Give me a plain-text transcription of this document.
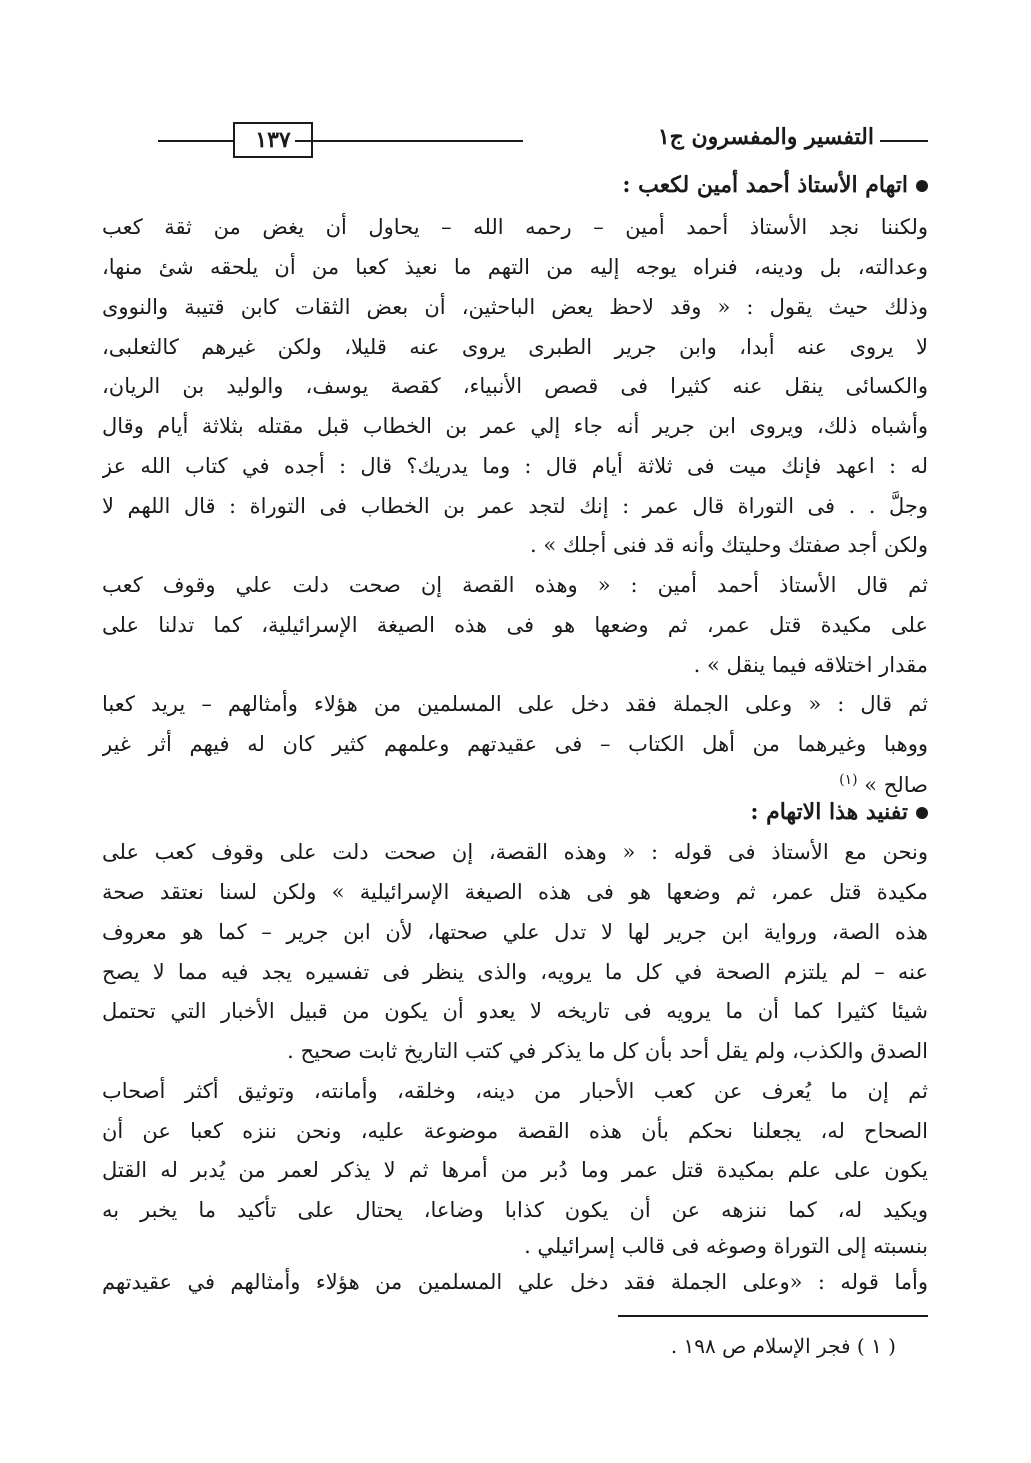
التفسير والمفسرون ج١
١٣٧
اتهام الأستاذ أحمد أمين لكعب :
ولكننا نجد الأستاذ أحمد أمين – رحمه الله – يحاول أن يغض من ثقة كعب
وعدالته، بل ودينه، فنراه يوجه إليه من التهم ما نعيذ كعبا من أن يلحقه شئ منها،
وذلك حيث يقول : « وقد لاحظ يعض الباحثين، أن بعض الثقات كابن قتيبة والنووى
لا يروى عنه أبدا، وابن جرير الطبرى يروى عنه قليلا، ولكن غيرهم كالثعلبى،
والكسائى ينقل عنه كثيرا فى قصص الأنبياء، كقصة يوسف، والوليد بن الريان،
وأشباه ذلك، ويروى ابن جرير أنه جاء إلي عمر بن الخطاب قبل مقتله بثلاثة أيام وقال
له : اعهد فإنك ميت فى ثلاثة أيام قال : وما يدريك؟ قال : أجده في كتاب الله عز
وجلَّ . . فى التوراة قال عمر : إنك لتجد عمر بن الخطاب فى التوراة : قال اللهم لا
ولكن أجد صفتك وحليتك وأنه قد فنى أجلك » .
ثم قال الأستاذ أحمد أمين : « وهذه القصة إن صحت دلت علي وقوف كعب
على مكيدة قتل عمر، ثم وضعها هو فى هذه الصيغة الإسرائيلية، كما تدلنا على
مقدار اختلاقه فيما ينقل » .
ثم قال : « وعلى الجملة فقد دخل على المسلمين من هؤلاء وأمثالهم – يريد كعبا
ووهبا وغيرهما من أهل الكتاب – فى عقيدتهم وعلمهم كثير كان له فيهم أثر غير
صالح » $^{(١)}$
تفنيد هذا الاتهام :
ونحن مع الأستاذ فى قوله : « وهذه القصة، إن صحت دلت على وقوف كعب على
مكيدة قتل عمر، ثم وضعها هو فى هذه الصيغة الإسرائيلية » ولكن لسنا نعتقد صحة
هذه الصة، ورواية ابن جرير لها لا تدل علي صحتها، لأن ابن جرير – كما هو معروف
عنه – لم يلتزم الصحة في كل ما يرويه، والذى ينظر فى تفسيره يجد فيه مما لا يصح
شيئا كثيرا كما أن ما يرويه فى تاريخه لا يعدو أن يكون من قبيل الأخبار التي تحتمل
الصدق والكذب، ولم يقل أحد بأن كل ما يذكر في كتب التاريخ ثابت صحيح .
ثم إن ما يُعرف عن كعب الأحبار من دينه، وخلقه، وأمانته، وتوثيق أكثر أصحاب
الصحاح له، يجعلنا نحكم بأن هذه القصة موضوعة عليه، ونحن ننزه كعبا عن أن
يكون على علم بمكيدة قتل عمر وما دُبر من أمرها ثم لا يذكر لعمر من يُدبر له القتل
ويكيد له، كما ننزهه عن أن يكون كذابا وضاعا، يحتال على تأكيد ما يخبر به
بنسبته إلى التوراة وصوغه فى قالب إسرائيلي .
وأما قوله : «وعلى الجملة فقد دخل علي المسلمين من هؤلاء وأمثالهم في عقيدتهم
( ١ ) فجر الإسلام ص ١٩٨ .
